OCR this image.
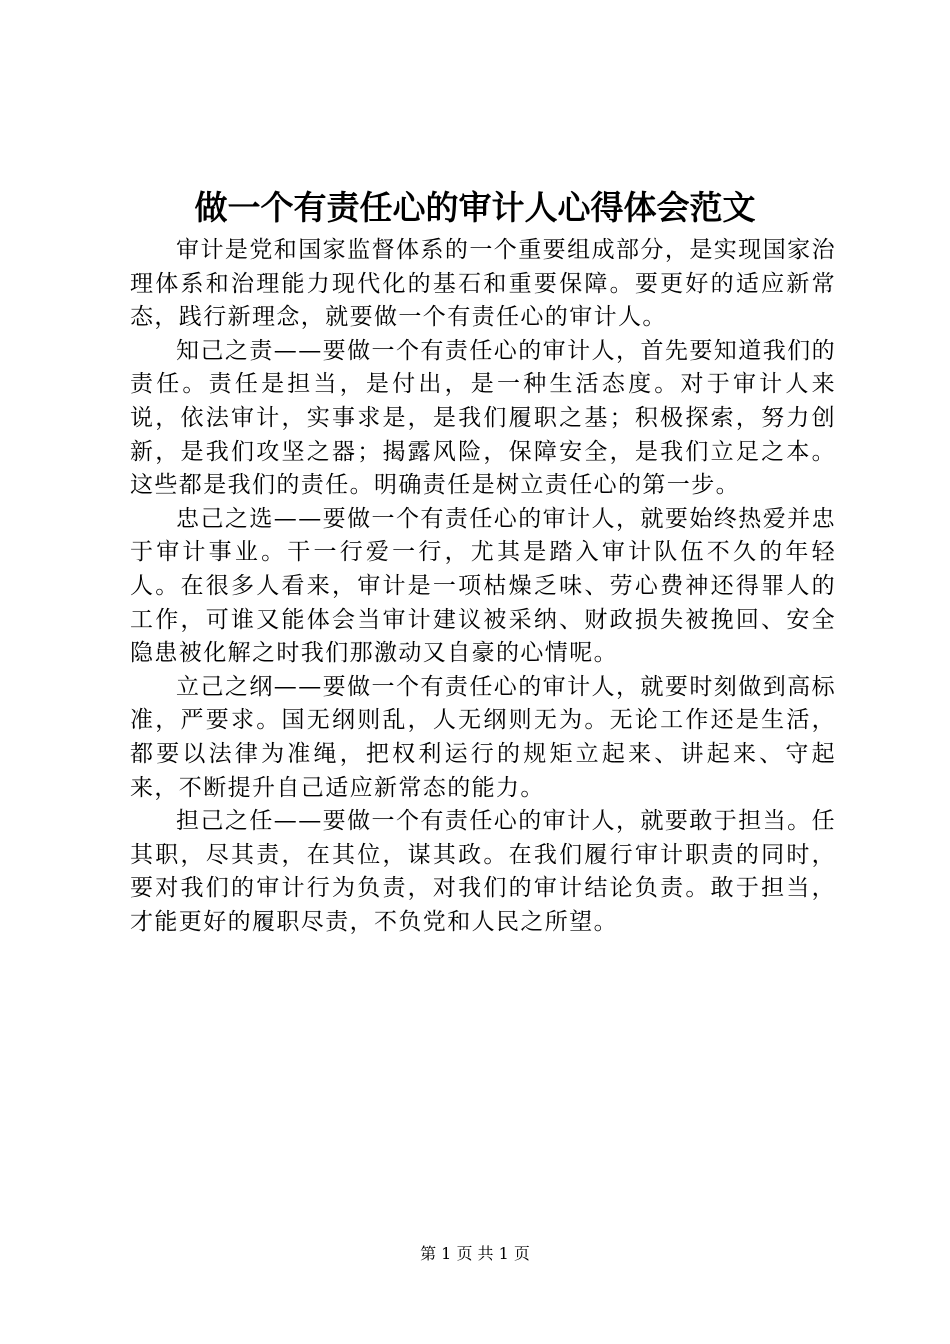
做一个有责任心的审计人心得体会范文

审计是党和国家监督体系的一个重要组成部分，是实现国家治理体系和治理能力现代化的基石和重要保障。要更好的适应新常态，践行新理念，就要做一个有责任心的审计人。

知己之责——要做一个有责任心的审计人，首先要知道我们的责任。责任是担当，是付出，是一种生活态度。对于审计人来说，依法审计，实事求是，是我们履职之基；积极探索，努力创新，是我们攻坚之器；揭露风险，保障安全，是我们立足之本。这些都是我们的责任。明确责任是树立责任心的第一步。

忠己之选——要做一个有责任心的审计人，就要始终热爱并忠于审计事业。干一行爱一行，尤其是踏入审计队伍不久的年轻人。在很多人看来，审计是一项枯燥乏味、劳心费神还得罪人的工作，可谁又能体会当审计建议被采纳、财政损失被挽回、安全隐患被化解之时我们那激动又自豪的心情呢。

立己之纲——要做一个有责任心的审计人，就要时刻做到高标准，严要求。国无纲则乱，人无纲则无为。无论工作还是生活，都要以法律为准绳，把权利运行的规矩立起来、讲起来、守起来，不断提升自己适应新常态的能力。

担己之任——要做一个有责任心的审计人，就要敢于担当。任其职，尽其责，在其位，谋其政。在我们履行审计职责的同时，要对我们的审计行为负责，对我们的审计结论负责。敢于担当，才能更好的履职尽责，不负党和人民之所望。

第 1 页 共 1 页
